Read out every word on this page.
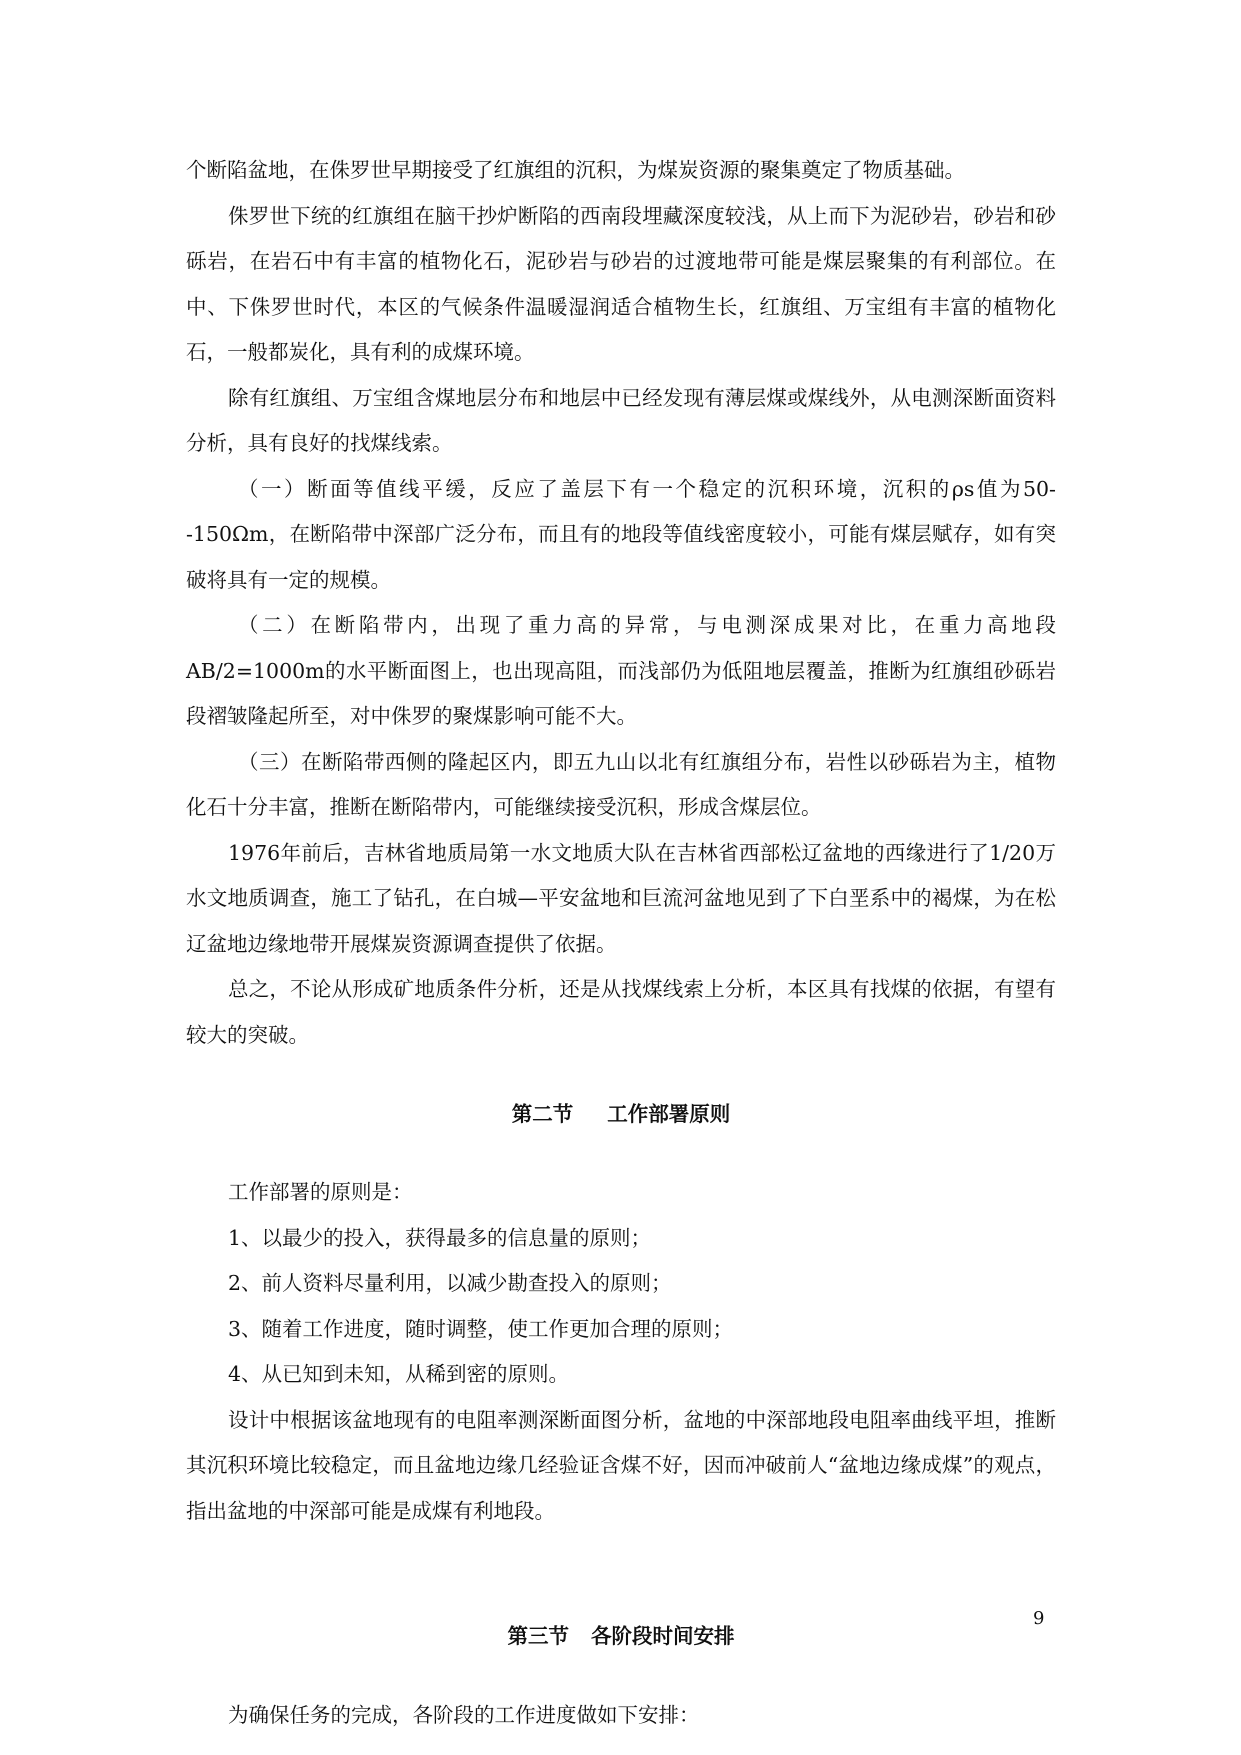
个断陷盆地，在侏罗世早期接受了红旗组的沉积，为煤炭资源的聚集奠定了物质基础。

侏罗世下统的红旗组在脑干抄炉断陷的西南段埋藏深度较浅，从上而下为泥砂岩，砂岩和砂砾岩，在岩石中有丰富的植物化石，泥砂岩与砂岩的过渡地带可能是煤层聚集的有利部位。在中、下侏罗世时代，本区的气候条件温暖湿润适合植物生长，红旗组、万宝组有丰富的植物化石，一般都炭化，具有利的成煤环境。

除有红旗组、万宝组含煤地层分布和地层中已经发现有薄层煤或煤线外，从电测深断面资料分析，具有良好的找煤线索。

（一）断面等值线平缓，反应了盖层下有一个稳定的沉积环境，沉积的ρs值为50--150Ωm，在断陷带中深部广泛分布，而且有的地段等值线密度较小，可能有煤层赋存，如有突破将具有一定的规模。

（二）在断陷带内，出现了重力高的异常，与电测深成果对比，在重力高地段AB/2=1000m的水平断面图上，也出现高阻，而浅部仍为低阻地层覆盖，推断为红旗组砂砾岩段褶皱隆起所至，对中侏罗的聚煤影响可能不大。

（三）在断陷带西侧的隆起区内，即五九山以北有红旗组分布，岩性以砂砾岩为主，植物化石十分丰富，推断在断陷带内，可能继续接受沉积，形成含煤层位。

1976年前后，吉林省地质局第一水文地质大队在吉林省西部松辽盆地的西缘进行了1/20万水文地质调查，施工了钻孔，在白城—平安盆地和巨流河盆地见到了下白垩系中的褐煤，为在松辽盆地边缘地带开展煤炭资源调查提供了依据。

总之，不论从形成矿地质条件分析，还是从找煤线索上分析，本区具有找煤的依据，有望有较大的突破。

第二节 工作部署原则

工作部署的原则是：

1、以最少的投入，获得最多的信息量的原则；

2、前人资料尽量利用，以减少勘查投入的原则；

3、随着工作进度，随时调整，使工作更加合理的原则；

4、从已知到未知，从稀到密的原则。

设计中根据该盆地现有的电阻率测深断面图分析，盆地的中深部地段电阻率曲线平坦，推断其沉积环境比较稳定，而且盆地边缘几经验证含煤不好，因而冲破前人“盆地边缘成煤”的观点，指出盆地的中深部可能是成煤有利地段。

第三节 各阶段时间安排

为确保任务的完成，各阶段的工作进度做如下安排：

9
